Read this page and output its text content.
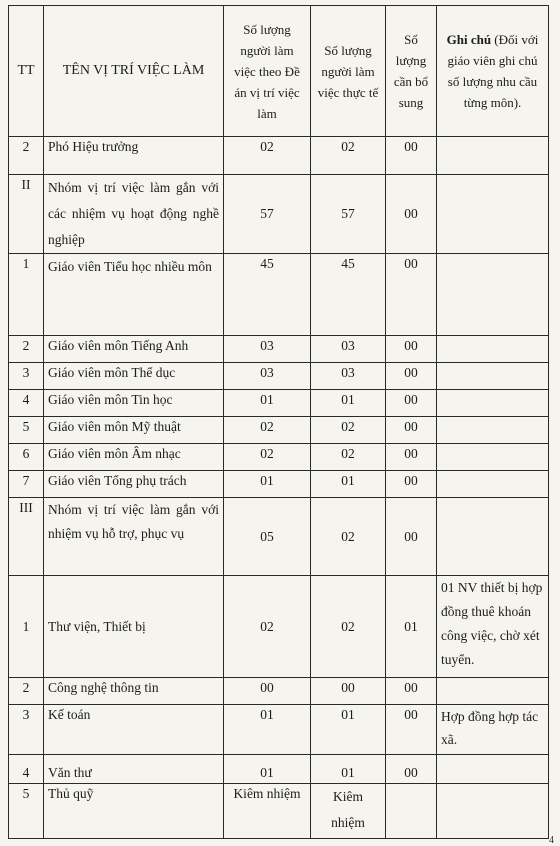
TT	TÊN VỊ TRÍ VIỆC LÀM	Số lượng người làm việc theo Đề án vị trí việc làm	Số lượng người làm việc thực tế	Số lượng cần bổ sung	Ghi chú (Đối với giáo viên ghi chú số lượng nhu cầu từng môn).
2	Phó Hiệu trưởng	02	02	00	
II	Nhóm vị trí việc làm gắn với các nhiệm vụ hoạt động nghề nghiệp	57	57	00	
1	Giáo viên Tiểu học nhiều môn	45	45	00	
2	Giáo viên môn Tiếng Anh	03	03	00	
3	Giáo viên môn Thể dục	03	03	00	
4	Giáo viên môn Tin học	01	01	00	
5	Giáo viên môn Mỹ thuật	02	02	00	
6	Giáo viên môn Âm nhạc	02	02	00	
7	Giáo viên Tổng phụ trách	01	01	00	
III	Nhóm vị trí việc làm gắn với nhiệm vụ hỗ trợ, phục vụ	05	02	00	
1	Thư viện, Thiết bị	02	02	01	01 NV thiết bị hợp đồng thuê khoán công việc, chờ xét tuyển.
2	Công nghệ thông tin	00	00	00	
3	Kế toán	01	01	00	Hợp đồng hợp tác xã.
4	Văn thư	01	01	00	
5	Thủ quỹ	Kiêm nhiệm	Kiêm nhiệm		
4
